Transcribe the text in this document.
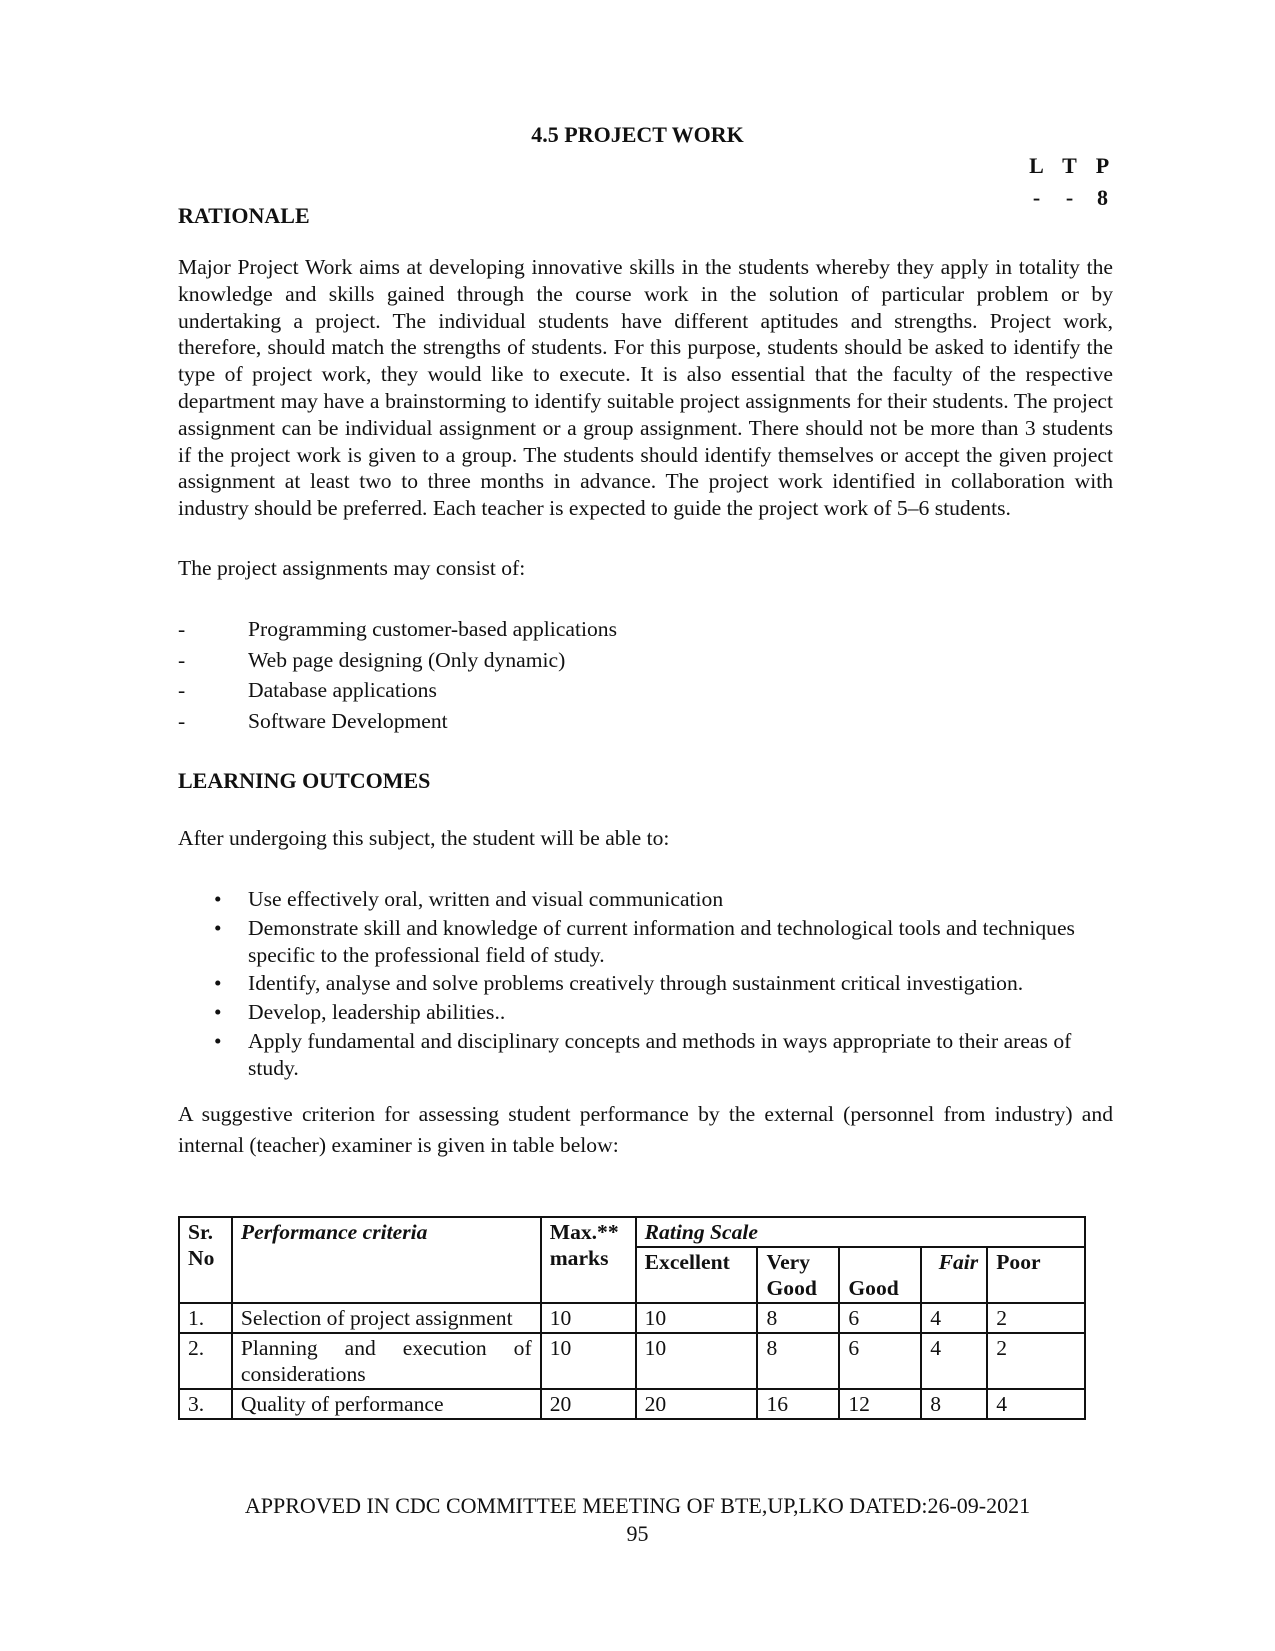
4.5 PROJECT WORK
L T P
- - 8
RATIONALE

Major Project Work aims at developing innovative skills in the students whereby they apply in totality the knowledge and skills gained through the course work in the solution of particular problem or by undertaking a project. The individual students have different aptitudes and strengths. Project work, therefore, should match the strengths of students. For this purpose, students should be asked to identify the type of project work, they would like to execute. It is also essential that the faculty of the respective department may have a brainstorming to identify suitable project assignments for their students. The project assignment can be individual assignment or a group assignment. There should not be more than 3 students if the project work is given to a group. The students should identify themselves or accept the given project assignment at least two to three months in advance. The project work identified in collaboration with industry should be preferred. Each teacher is expected to guide the project work of 5–6 students.

The project assignments may consist of:

-	Programming customer-based applications
-	Web page designing (Only dynamic)
-	Database applications
-	Software Development
LEARNING OUTCOMES

After undergoing this subject, the student will be able to:

• Use effectively oral, written and visual communication
• Demonstrate skill and knowledge of current information and technological tools and techniques specific to the professional field of study.
• Identify, analyse and solve problems creatively through sustainment critical investigation.
• Develop, leadership abilities..
• Apply fundamental and disciplinary concepts and methods in ways appropriate to their areas of study.

A suggestive criterion for assessing student performance by the external (personnel from industry) and internal (teacher) examiner is given in table below:

Sr. No	Performance criteria	Max.** marks	Rating Scale				
			Excellent	Very Good	Good	Fair	Poor
1.	Selection of project assignment	10	10	8	6	4	2
2.	Planning and execution of considerations	10	10	8	6	4	2
3.	Quality of performance	20	20	16	12	8	4
APPROVED IN CDC COMMITTEE MEETING OF BTE,UP,LKO DATED:26-09-2021
95
